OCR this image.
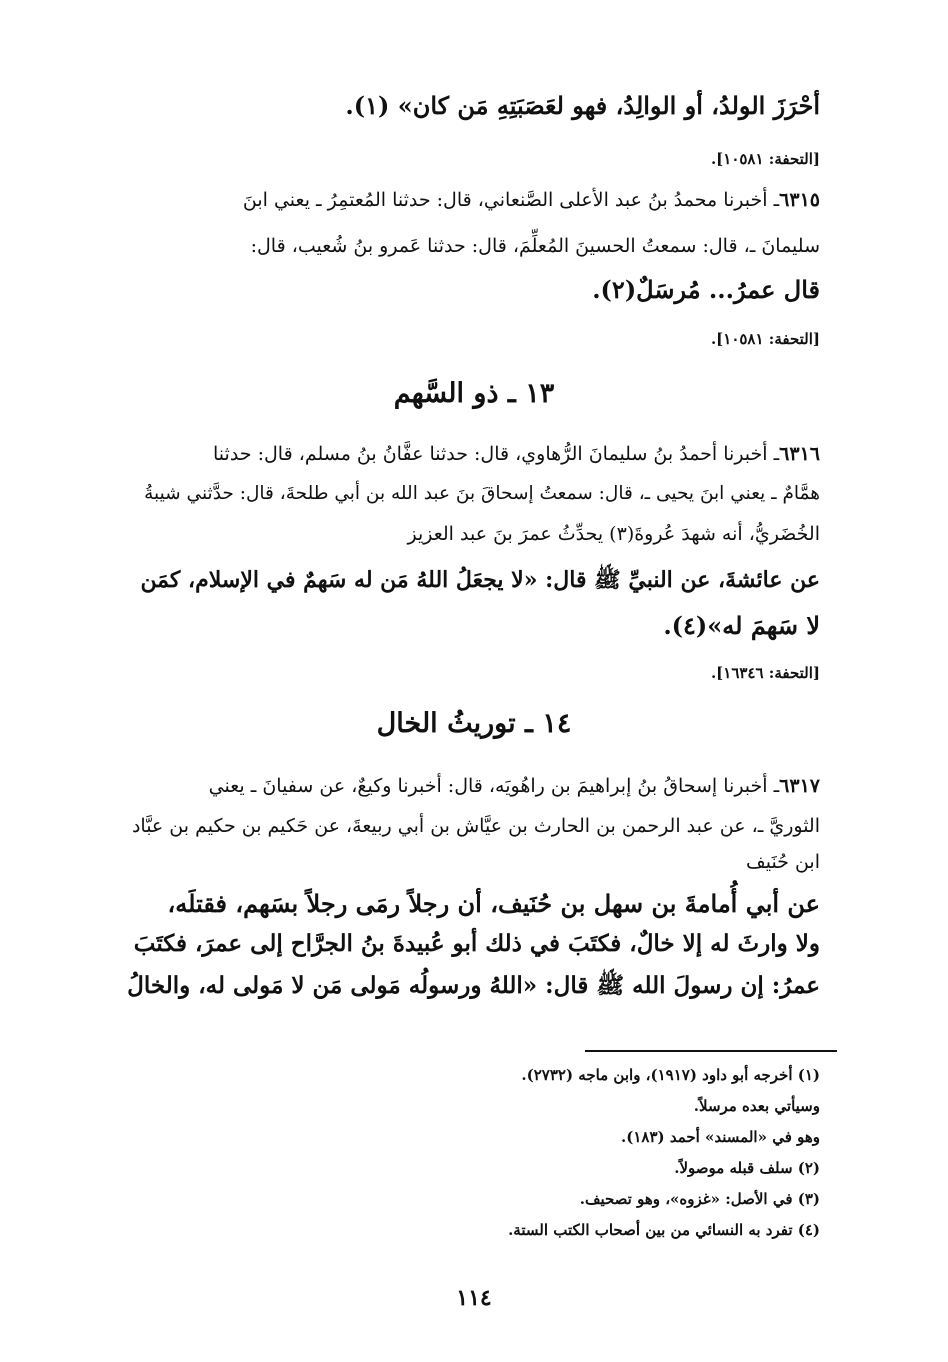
أحْرَزَ الولدُ، أو الوالِدُ، فهو لعَصَبَتِهِ مَن كان» (١).
[التحفة: ١٠٥٨١].
٦٣١٥ـ أخبرنا محمدُ بنُ عبد الأعلى الصَّنعاني، قال: حدثنا المُعتمِرُ ـ يعني ابنَ
سليمانَ ـ، قال: سمعتُ الحسينَ المُعلِّمَ، قال: حدثنا عَمرو بنُ شُعيب، قال:
قال عمرُ... مُرسَلٌ(٢).
[التحفة: ١٠٥٨١].
١٣ ـ ذو السَّهم
٦٣١٦ـ أخبرنا أحمدُ بنُ سليمانَ الرُّهاوي، قال: حدثنا عفَّانُ بنُ مسلم، قال: حدثنا
همَّامٌ ـ يعني ابنَ يحيى ـ، قال: سمعتُ إسحاقَ بنَ عبد الله بن أبي طلحةَ، قال: حدَّثني شيبةُ
الخُضَريُّ، أنه شهدَ عُروةَ(٣) يحدِّثُ عمرَ بنَ عبد العزيز
عن عائشةَ، عن النبيِّ ﷺ قال: «لا يجعَلُ اللهُ مَن له سَهمٌ في الإسلام، كمَن
لا سَهمَ له»(٤).
[التحفة: ١٦٣٤٦].
١٤ ـ توريثُ الخال
٦٣١٧ـ أخبرنا إسحاقُ بنُ إبراهيمَ بن راهُويَه، قال: أخبرنا وكيعٌ، عن سفيانَ ـ يعني
الثوريَّ ـ، عن عبد الرحمن بن الحارث بن عيَّاش بن أبي ربيعةَ، عن حَكيم بن حكيم بن عبَّاد
ابن حُنَيف
عن أبي أُمامةَ بن سهل بن حُنَيف، أن رجلاً رمَى رجلاً بسَهم، فقتلَه،
ولا وارثَ له إلا خالٌ، فكتَبَ في ذلك أبو عُبيدةَ بنُ الجرَّاح إلى عمرَ، فكتَبَ
عمرُ: إن رسولَ الله ﷺ قال: «اللهُ ورسولُه مَولى مَن لا مَولى له، والخالُ
(١) أخرجه أبو داود (١٩١٧)، وابن ماجه (٢٧٣٢).
وسيأتي بعده مرسلاً.
وهو في «المسند» أحمد (١٨٣).
(٢) سلف قبله موصولاً.
(٣) في الأصل: «غزوه»، وهو تصحيف.
(٤) تفرد به النسائي من بين أصحاب الكتب الستة.
١١٤
